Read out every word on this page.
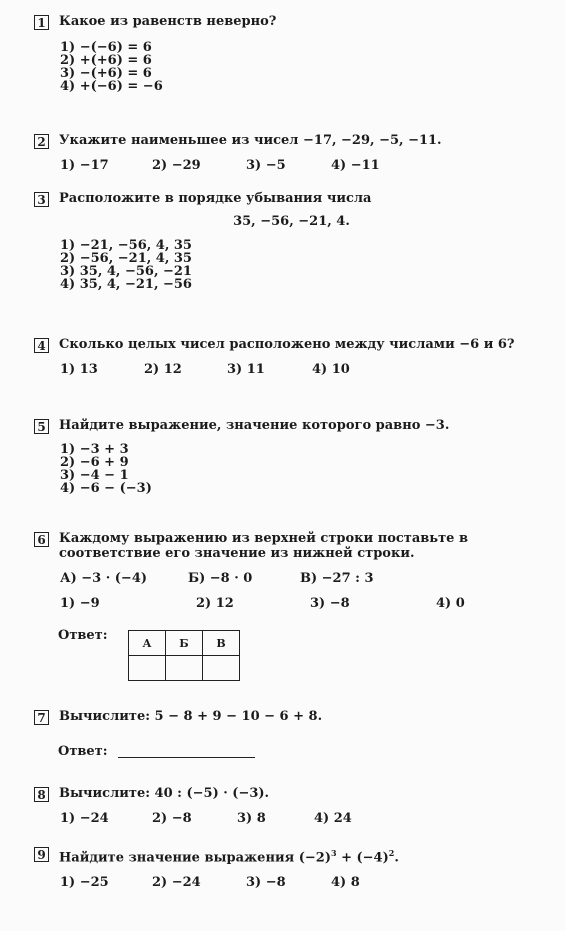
1 Какое из равенств неверно?
1) −(−6) = 6
2) +(+6) = 6
3) −(+6) = 6
4) +(−6) = −6
2 Укажите наименьшее из чисел −17, −29, −5, −11.
1) −17	2) −29	3) −5	4) −11
3 Расположите в порядке убывания числа
35, −56, −21, 4.
1) −21, −56, 4, 35
2) −56, −21, 4, 35
3) 35, 4, −56, −21
4) 35, 4, −21, −56
4 Сколько целых чисел расположено между числами −6 и 6?
1) 13	2) 12	3) 11	4) 10
5 Найдите выражение, значение которого равно −3.
1) −3 + 3
2) −6 + 9
3) −4 − 1
4) −6 − (−3)
6 Каждому выражению из верхней строки поставьте в соответствие его значение из нижней строки.
А) −3 · (−4)	Б) −8 · 0	В) −27 : 3
1) −9	2) 12	3) −8	4) 0
Ответ:	А	Б	В

7 Вычислите: 5 − 8 + 9 − 10 − 6 + 8.
Ответ:
8 Вычислите: 40 : (−5) · (−3).
1) −24	2) −8	3) 8	4) 24
9 Найдите значение выражения $(-2)^3 + (-4)^2$.
1) −25	2) −24	3) −8	4) 8
